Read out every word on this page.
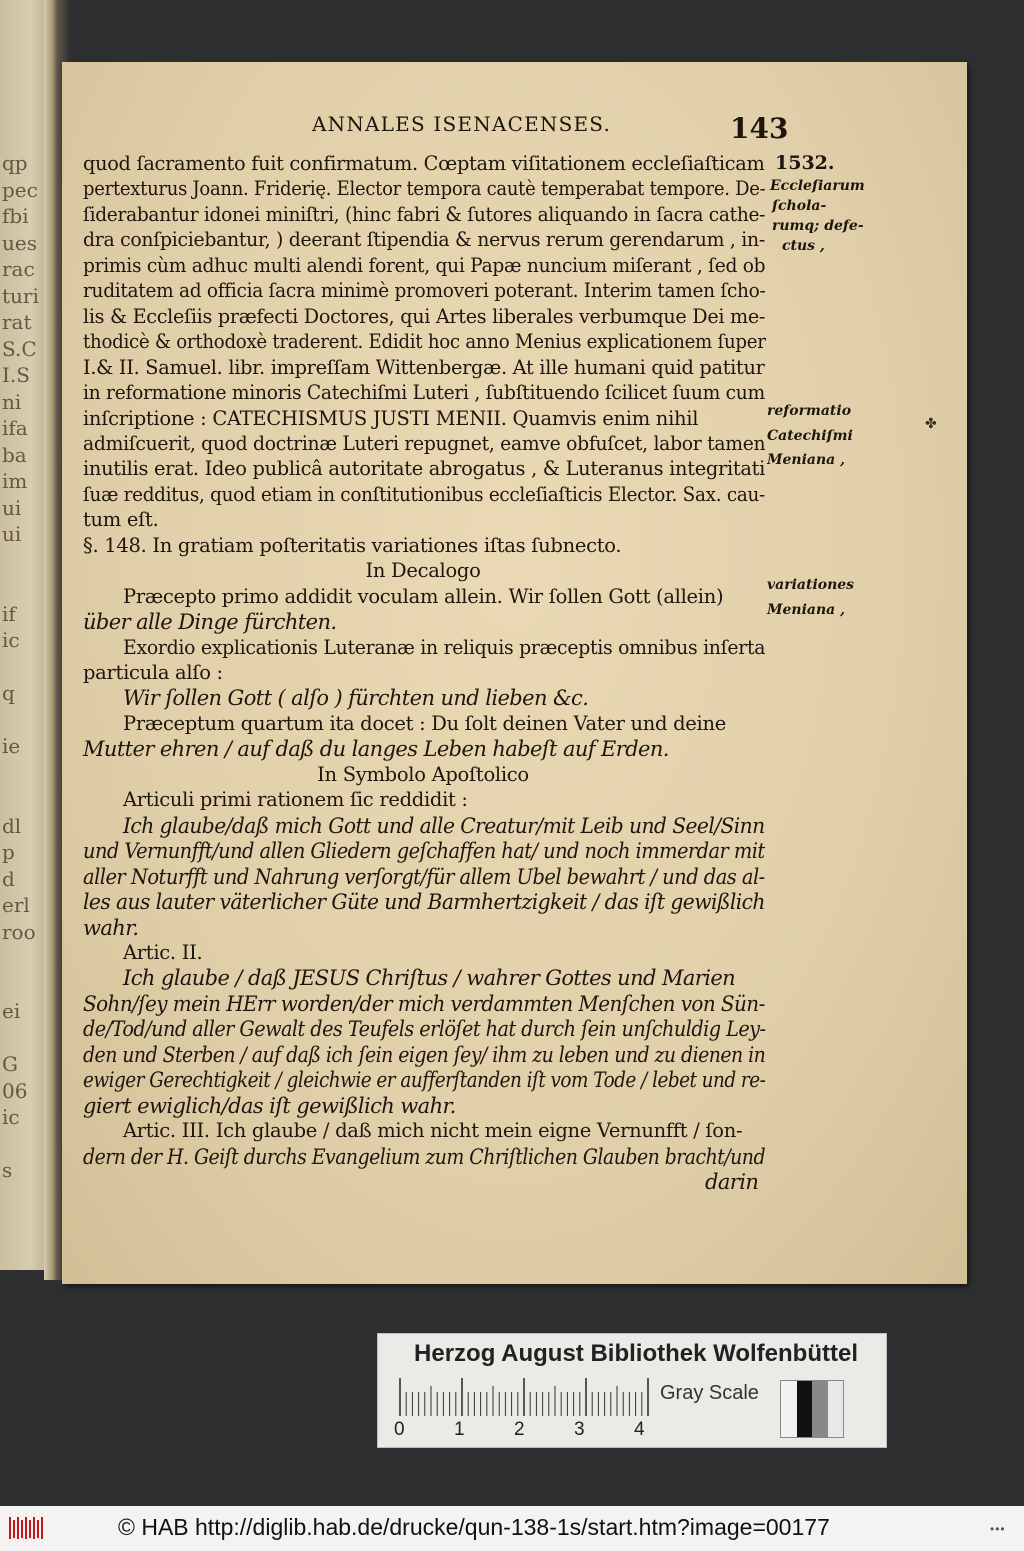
qp
pec
fbi
ues
rac
turi
rat
S.C
I.S
ni
ifa
ba
im
ui
ui

if
ic

q

ie

dl
p
d
erl
roo

ei

G
06
ic

s
ANNALES ISENACENSES.	143
quod ſacramento fuit confirmatum. Cœptam viſitationem eccleſiaſticam
pertexturus Joann. Friderię. Elector tempora cautè temperabat tempore. De-
ſiderabantur idonei miniſtri, (hinc fabri & ſutores aliquando in ſacra cathe-
dra conſpiciebantur, ) deerant ſtipendia & nervus rerum gerendarum , in-
primis cùm adhuc multi alendi forent, qui Papæ nuncium miſerant , ſed ob
ruditatem ad officia ſacra minimè promoveri poterant. Interim tamen ſcho-
lis & Eccleſiis præfecti Doctores, qui Artes liberales verbumque Dei me-
thodicè & orthodoxè traderent. Edidit hoc anno Menius explicationem ſuper
I.& II. Samuel. libr. impreſſam Wittenbergæ. At ille humani quid patitur
in reformatione minoris Catechiſmi Luteri , ſubſtituendo ſcilicet ſuum cum
inſcriptione : CATECHISMUS JUSTI MENII. Quamvis enim nihil
admiſcuerit, quod doctrinæ Luteri repugnet, eamve obfuſcet, labor tamen
inutilis erat. Ideo publicâ autoritate abrogatus , & Luteranus integritati
ſuæ redditus, quod etiam in conſtitutionibus eccleſiaſticis Elector. Sax. cau-
tum eſt.
§. 148. In gratiam poſteritatis variationes iſtas ſubnecto.
In Decalogo
Præcepto primo addidit voculam allein. Wir ſollen Gott (allein)
über alle Dinge fürchten.
Exordio explicationis Luteranæ in reliquis præceptis omnibus inſerta
particula alſo :
Wir ſollen Gott ( alſo ) fürchten und lieben &c.
Præceptum quartum ita docet : Du ſolt deinen Vater und deine
Mutter ehren / auf daß du langes Leben habeſt auf Erden.
In Symbolo Apoſtolico
Articuli primi rationem ſic reddidit :
Ich glaube/daß mich Gott und alle Creatur/mit Leib und Seel/Sinn
und Vernunfft/und allen Gliedern geſchaffen hat/ und noch immerdar mit
aller Noturfft und Nahrung verſorgt/für allem Ubel bewahrt / und das al-
les aus lauter väterlicher Güte und Barmhertzigkeit / das iſt gewißlich
wahr.
Artic. II.
Ich glaube / daß JESUS Chriſtus / wahrer Gottes und Marien
Sohn/ſey mein HErr worden/der mich verdammten Menſchen von Sün-
de/Tod/und aller Gewalt des Teufels erlöſet hat durch ſein unſchuldig Ley-
den und Sterben / auf daß ich ſein eigen ſey/ ihm zu leben und zu dienen in
ewiger Gerechtigkeit / gleichwie er aufferſtanden iſt vom Tode / lebet und re-
giert ewiglich/das iſt gewißlich wahr.
Artic. III. Ich glaube / daß mich nicht mein eigne Vernunfft / ſon-
dern der H. Geiſt durchs Evangelium zum Chriſtlichen Glauben bracht/und
darin
1532.
Eccleſiarum
ſchola-
rumq; defe-
ctus ,
reformatio
Catechiſmi
Meniana ,
variationes
Meniana ,
✤
Herzog August Bibliothek Wolfenbüttel
0	1	2	3	4
Gray Scale
© HAB http://diglib.hab.de/drucke/qun-138-1s/start.htm?image=00177	•••
